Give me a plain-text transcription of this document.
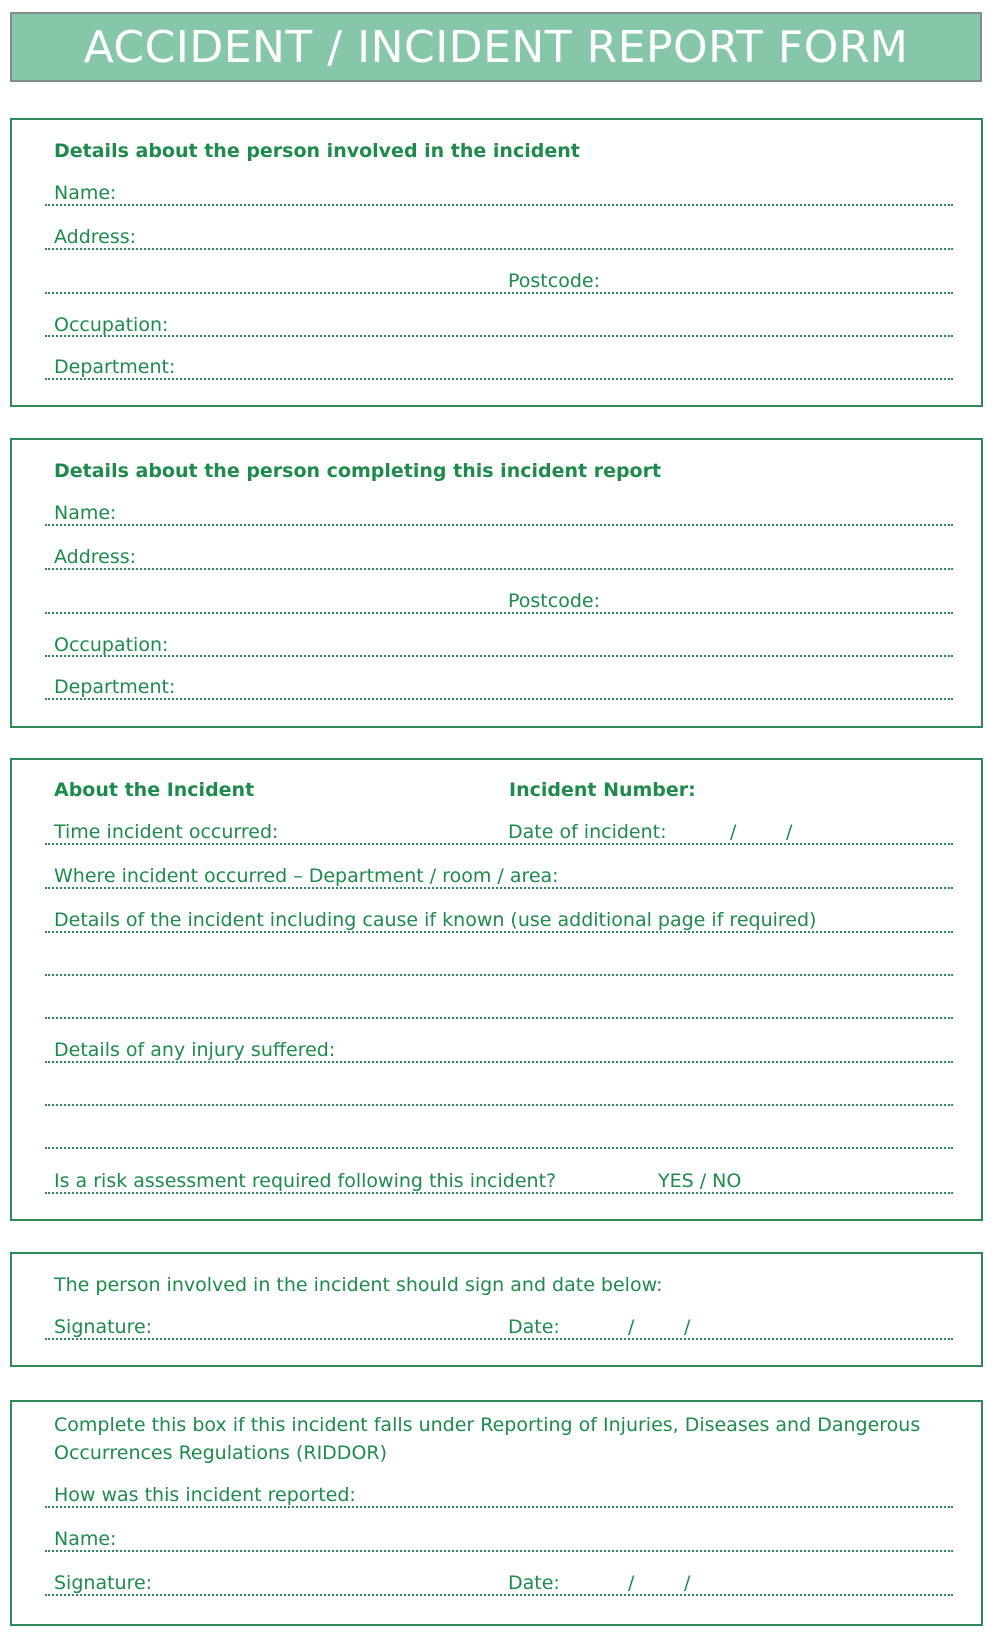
ACCIDENT / INCIDENT REPORT FORM
Details about the person involved in the incident
Name:
Address:
Postcode:
Occupation:
Department:
Details about the person completing this incident report
Name:
Address:
Postcode:
Occupation:
Department:
About the Incident	Incident Number:
Time incident occurred:	Date of incident:	/	/
Where incident occurred – Department / room / area:
Details of the incident including cause if known (use additional page if required)
Details of any injury suffered:
Is a risk assessment required following this incident?	YES / NO
The person involved in the incident should sign and date below:
Signature:	Date:	/	/
Complete this box if this incident falls under Reporting of Injuries, Diseases and Dangerous
Occurrences Regulations (RIDDOR)
How was this incident reported:
Name:
Signature:	Date:	/	/
